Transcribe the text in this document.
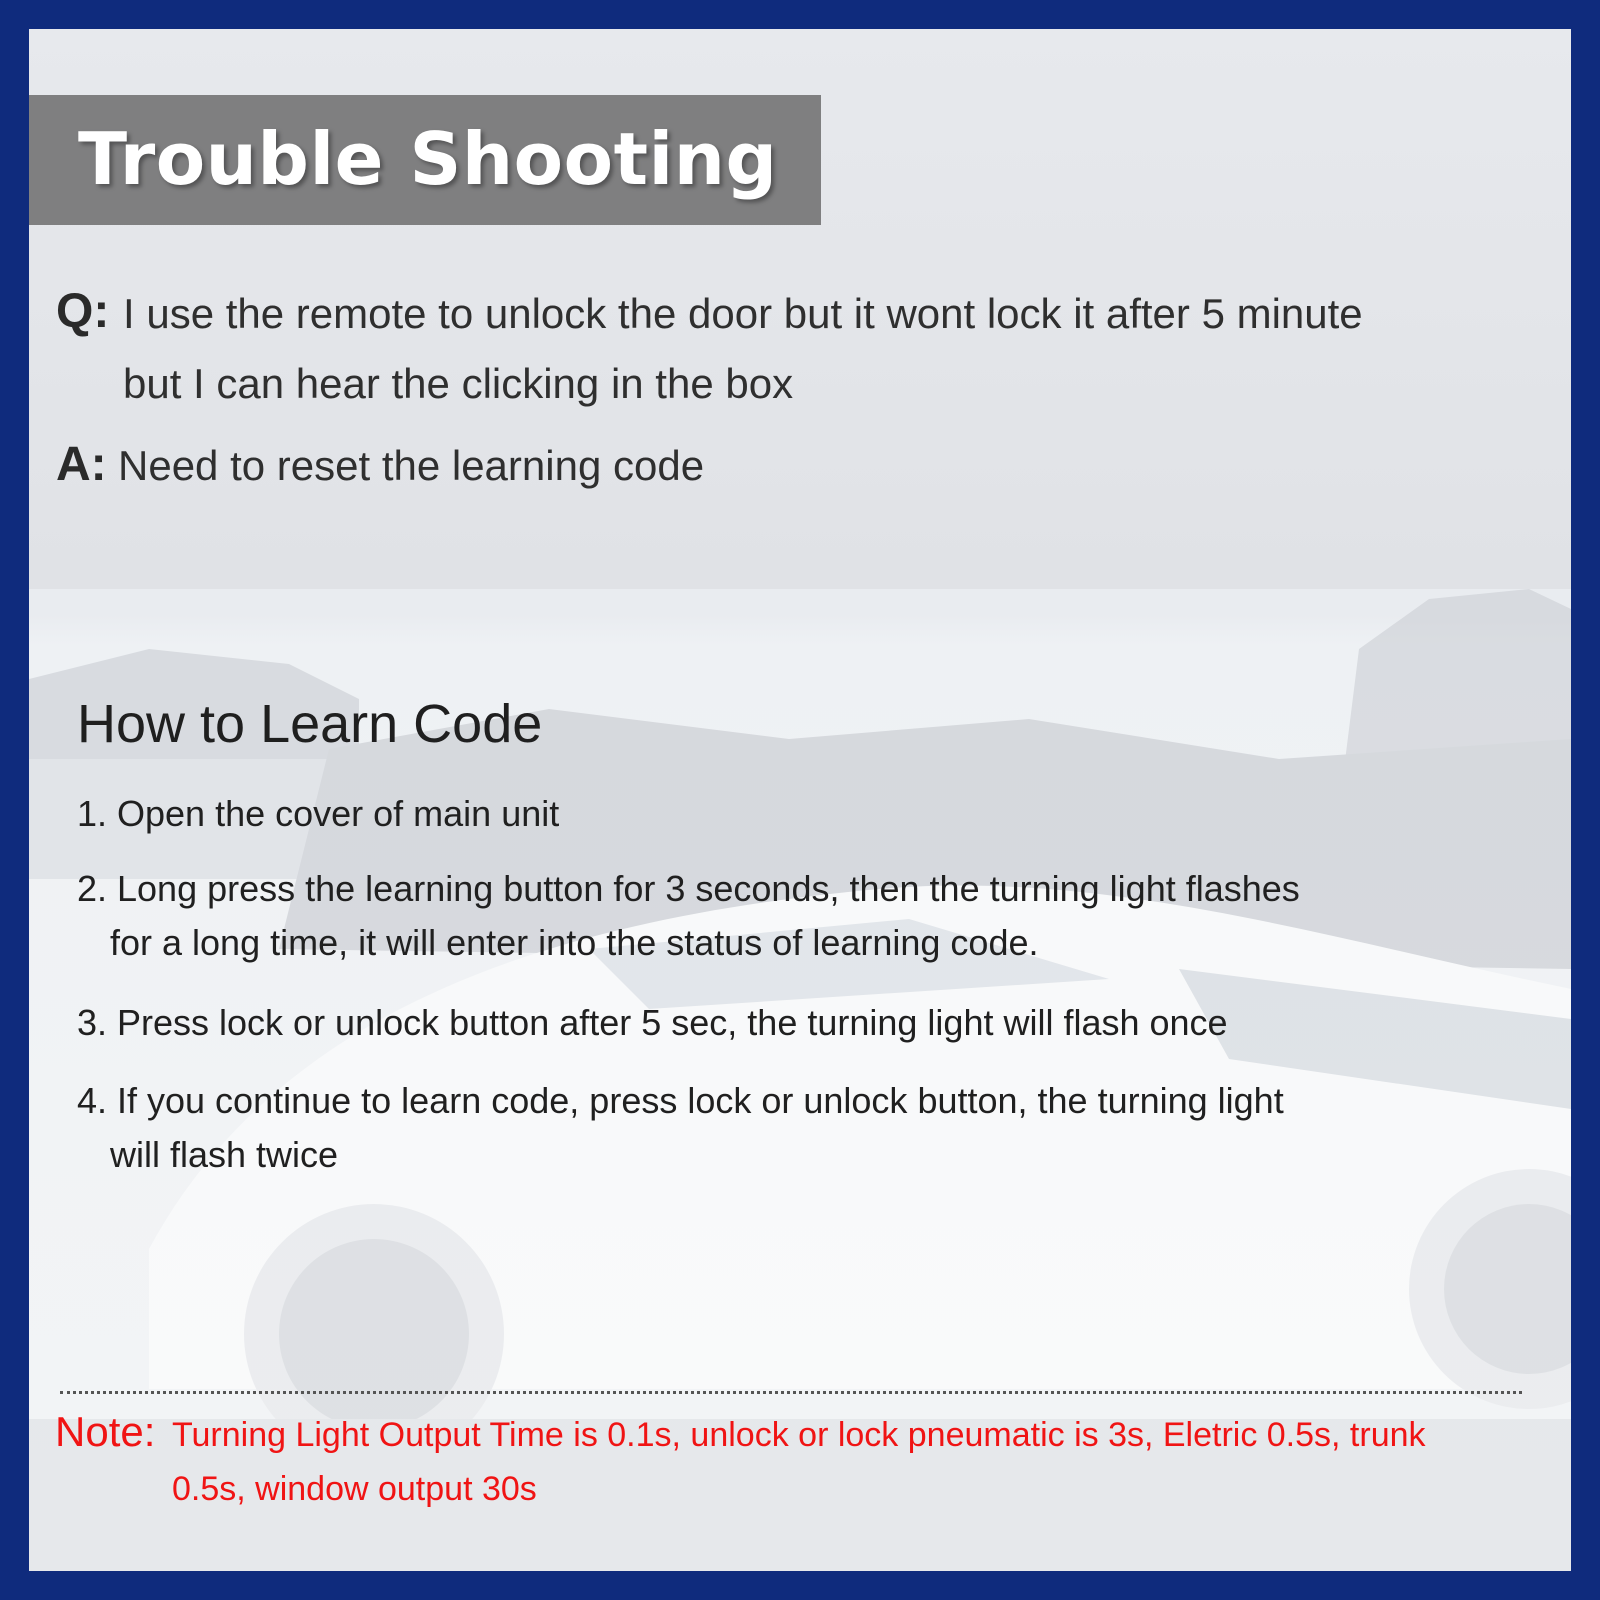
Trouble Shooting
Q: I use the remote to unlock the door but it wont lock it after 5 minute
but I can hear the clicking in the box
A: Need to reset the learning code
How to Learn Code
1. Open the cover of main unit
2. Long press the learning button for 3 seconds, then the turning light flashes
for a long time, it will enter into the status of learning code.
3. Press lock or unlock button after 5 sec, the turning light will flash once
4. If you continue to learn code, press lock or unlock button, the turning light
will flash twice
Note: Turning Light Output Time is 0.1s, unlock or lock pneumatic is 3s, Eletric 0.5s, trunk
0.5s, window output 30s
